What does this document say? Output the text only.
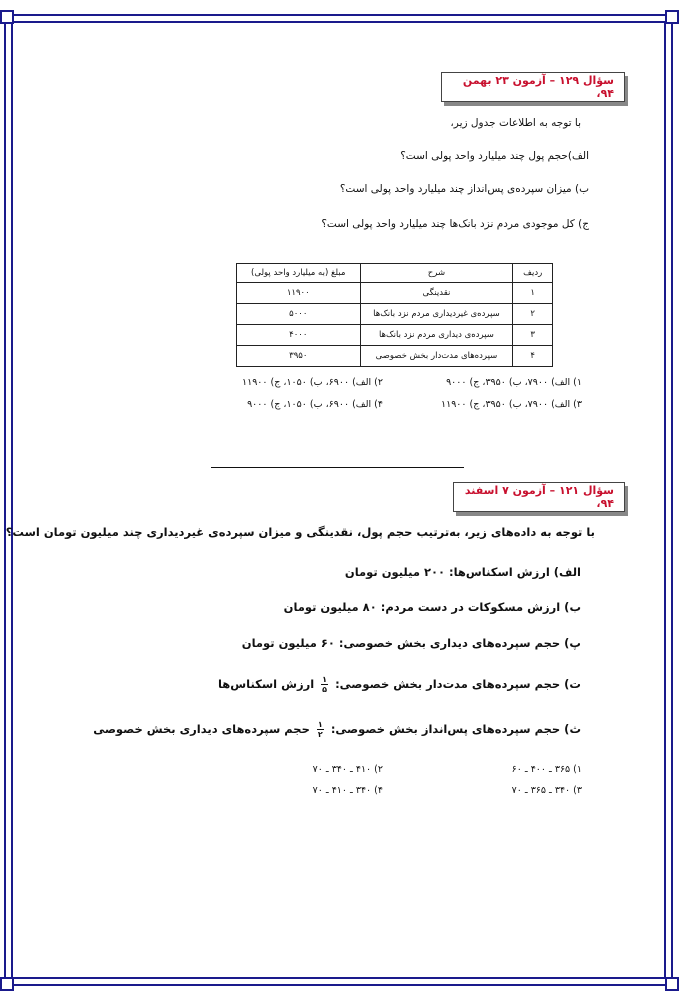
سؤال ۱۲۹ – آزمون ۲۳ بهمن ۹۴،
با توجه به اطلاعات جدول زیر،
الف)حجم پول چند میلیارد واحد پولی است؟
ب) میزان سپرده‌ی پس‌انداز چند میلیارد واحد پولی است؟
ج) کل موجودی مردم نزد بانک‌ها چند میلیارد واحد پولی است؟
ردیف	شرح	مبلغ (به میلیارد واحد پولی)
۱	نقدینگی	۱۱۹۰۰
۲	سپرده‌ی غیردیداری مردم نزد بانک‌ها	۵۰۰۰
۳	سپرده‌ی دیداری مردم نزد بانک‌ها	۴۰۰۰
۴	سپرده‌های مدت‌دار بخش خصوصی	۳۹۵۰
۱) الف) ۷۹۰۰، ب) ۳۹۵۰، ج) ۹۰۰۰
۲) الف) ۶۹۰۰، ب) ۱۰۵۰، ج) ۱۱۹۰۰
۳) الف) ۷۹۰۰، ب) ۳۹۵۰، ج) ۱۱۹۰۰
۴) الف) ۶۹۰۰، ب) ۱۰۵۰، ج) ۹۰۰۰
سؤال ۱۲۱ – آزمون ۷ اسفند ۹۴،
با توجه به داده‌های زیر، به‌ترتیب حجم پول، نقدینگی و میزان سپرده‌ی غیردیداری چند میلیون تومان است؟
الف) ارزش اسکناس‌ها: ۲۰۰ میلیون تومان
ب) ارزش مسکوکات در دست مردم: ۸۰ میلیون تومان
پ) حجم سپرده‌های دیداری بخش خصوصی: ۶۰ میلیون تومان
ت) حجم سپرده‌های مدت‌دار بخش خصوصی:
$\frac{۱}{۵}$
ارزش اسکناس‌ها
ث) حجم سپرده‌های پس‌انداز بخش خصوصی:
$\frac{۱}{۲}$
حجم سپرده‌های دیداری بخش خصوصی
۱) ۳۶۵ ـ ۴۰۰ ـ ۶۰
۲) ۴۱۰ ـ ۳۴۰ ـ ۷۰
۳) ۳۴۰ ـ ۳۶۵ ـ ۷۰
۴) ۳۴۰ ـ ۴۱۰ ـ ۷۰
